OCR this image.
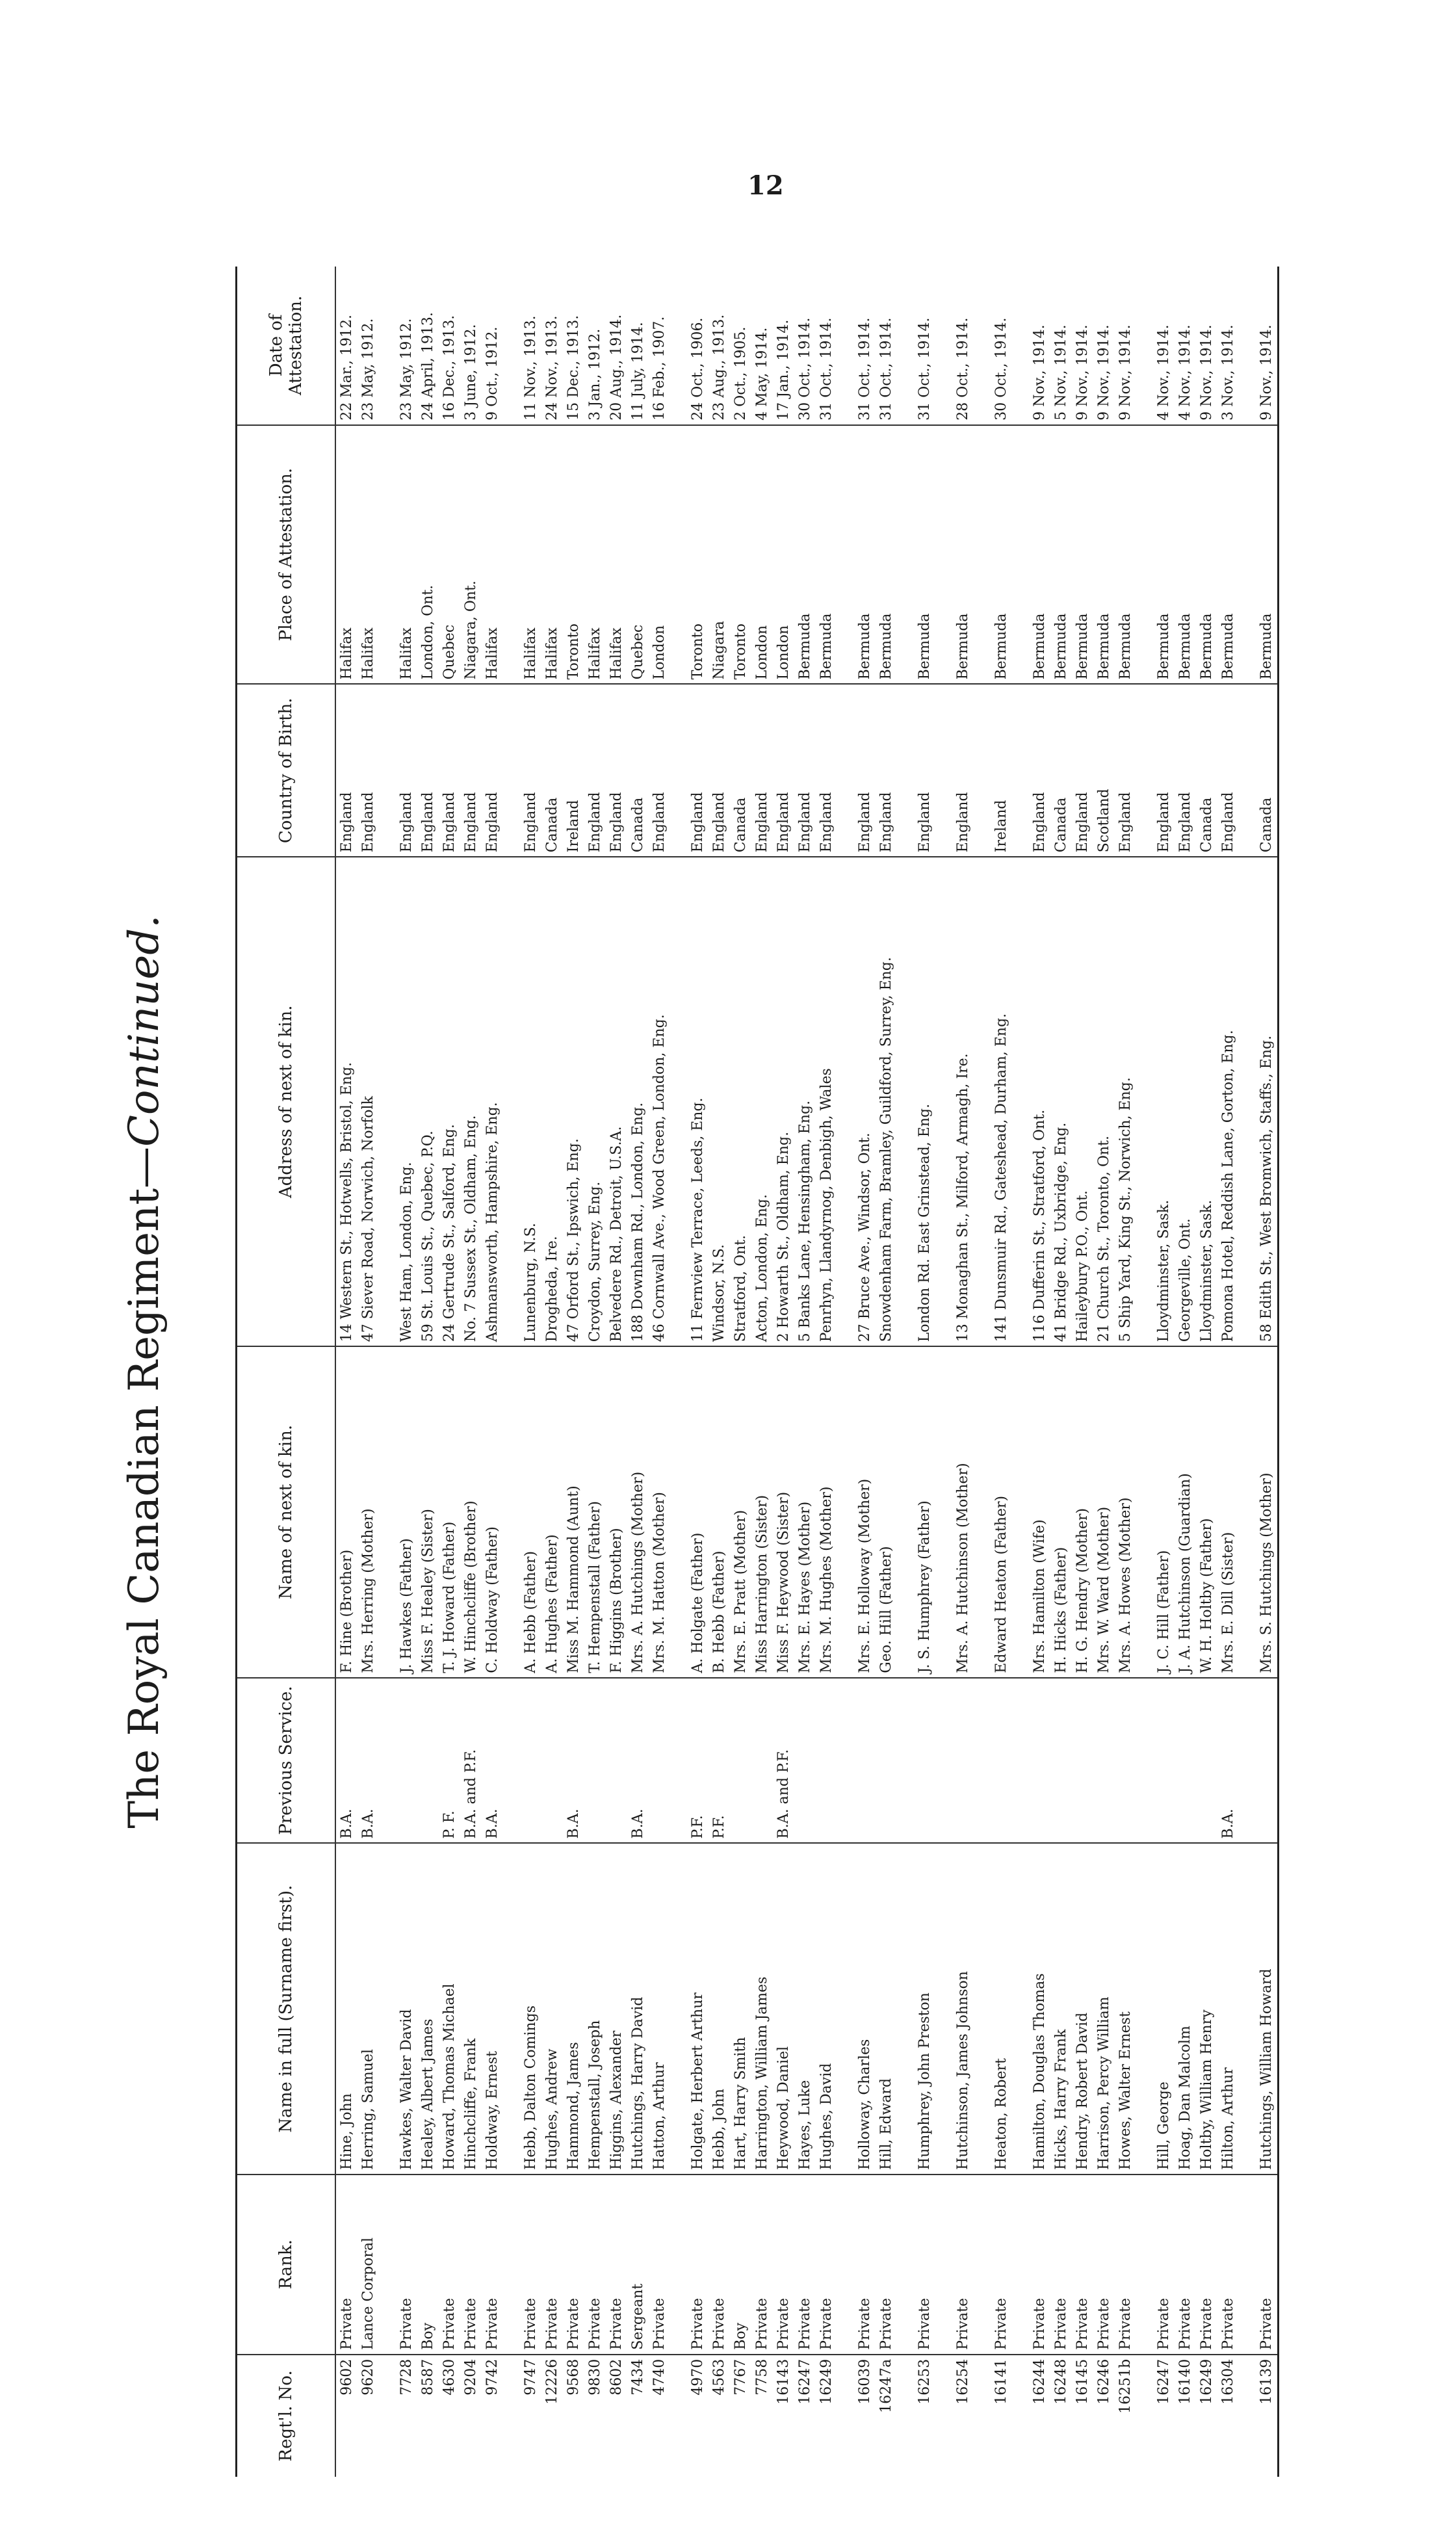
12
The Royal Canadian Regiment—Continued.
Regt'l. No.	Rank.	Name in full (Surname first).	Previous Service.	Name of next of kin.	Address of next of kin.	Country of Birth.	Place of Attestation.	Date of Attestation.
9602	Private	Hine, John	B.A.	F. Hine (Brother)	14 Western St., Hotwells, Bristol, Eng.	England	Halifax	22 Mar., 1912.
9620	Lance Corporal	Herring, Samuel	B.A.	Mrs. Herring (Mother)	47 Siever Road, Norwich, Norfolk	England	Halifax	23 May, 1912.

7728	Private	Hawkes, Walter David		J. Hawkes (Father)	West Ham, London, Eng.	England	Halifax	23 May, 1912.
8587	Boy	Healey, Albert James		Miss F. Healey (Sister)	59 St. Louis St., Quebec, P.Q.	England	London, Ont.	24 April, 1913.
4630	Private	Howard, Thomas Michael	P. F.	T. J. Howard (Father)	24 Gertrude St., Salford, Eng.	England	Quebec	16 Dec., 1913.
9204	Private	Hinchcliffe, Frank	B.A. and P.F.	W. Hinchcliffe (Brother)	No. 7 Sussex St., Oldham, Eng.	England	Niagara, Ont.	3 June, 1912.
9742	Private	Holdway, Ernest	B.A.	C. Holdway (Father)	Ashmansworth, Hampshire, Eng.	England	Halifax	9 Oct., 1912.

9747	Private	Hebb, Dalton Comings		A. Hebb (Father)	Lunenburg, N.S.	England	Halifax	11 Nov., 1913.
12226	Private	Hughes, Andrew		A. Hughes (Father)	Drogheda, Ire.	Canada	Halifax	24 Nov., 1913.
9568	Private	Hammond, James	B.A.	Miss M. Hammond (Aunt)	47 Orford St., Ipswich, Eng.	Ireland	Toronto	15 Dec., 1913.
9830	Private	Hempenstall, Joseph		T. Hempenstall (Father)	Croydon, Surrey, Eng.	England	Halifax	3 Jan., 1912.
8602	Private	Higgins, Alexander		F. Higgins (Brother)	Belvedere Rd., Detroit, U.S.A.	England	Halifax	20 Aug., 1914.
7434	Sergeant	Hutchings, Harry David	B.A.	Mrs. A. Hutchings (Mother)	188 Downham Rd., London, Eng.	Canada	Quebec	11 July, 1914.
4740	Private	Hatton, Arthur		Mrs. M. Hatton (Mother)	46 Cornwall Ave., Wood Green, London, Eng.	England	London	16 Feb., 1907.

4970	Private	Holgate, Herbert Arthur	P.F.	A. Holgate (Father)	11 Fernview Terrace, Leeds, Eng.	England	Toronto	24 Oct., 1906.
4563	Private	Hebb, John	P.F.	B. Hebb (Father)	Windsor, N.S.	England	Niagara	23 Aug., 1913.
7767	Boy	Hart, Harry Smith		Mrs. E. Pratt (Mother)	Stratford, Ont.	Canada	Toronto	2 Oct., 1905.
7758	Private	Harrington, William James		Miss Harrington (Sister)	Acton, London, Eng.	England	London	4 May, 1914.
16143	Private	Heywood, Daniel	B.A. and P.F.	Miss F. Heywood (Sister)	2 Howarth St., Oldham, Eng.	England	London	17 Jan., 1914.
16247	Private	Hayes, Luke		Mrs. E. Hayes (Mother)	5 Banks Lane, Hensingham, Eng.	England	Bermuda	30 Oct., 1914.
16249	Private	Hughes, David		Mrs. M. Hughes (Mother)	Penrhyn, Llandyrnog, Denbigh, Wales	England	Bermuda	31 Oct., 1914.

16039	Private	Holloway, Charles		Mrs. E. Holloway (Mother)	27 Bruce Ave., Windsor, Ont.	England	Bermuda	31 Oct., 1914.
16247a	Private	Hill, Edward		Geo. Hill (Father)	Snowdenham Farm, Bramley, Guildford, Surrey, Eng.	England	Bermuda	31 Oct., 1914.

16253	Private	Humphrey, John Preston		J. S. Humphrey (Father)	London Rd. East Grinstead, Eng.	England	Bermuda	31 Oct., 1914.

16254	Private	Hutchinson, James Johnson		Mrs. A. Hutchinson (Mother)	13 Monaghan St., Milford, Armagh, Ire.	England	Bermuda	28 Oct., 1914.

16141	Private	Heaton, Robert		Edward Heaton (Father)	141 Dunsmuir Rd., Gateshead, Durham, Eng.	Ireland	Bermuda	30 Oct., 1914.

16244	Private	Hamilton, Douglas Thomas		Mrs. Hamilton (Wife)	116 Dufferin St., Stratford, Ont.	England	Bermuda	9 Nov., 1914.
16248	Private	Hicks, Harry Frank		H. Hicks (Father)	41 Bridge Rd., Uxbridge, Eng.	Canada	Bermuda	5 Nov., 1914.
16145	Private	Hendry, Robert David		H. G. Hendry (Mother)	Haileybury P.O., Ont.	England	Bermuda	9 Nov., 1914.
16246	Private	Harrison, Percy William		Mrs. W. Ward (Mother)	21 Church St., Toronto, Ont.	Scotland	Bermuda	9 Nov., 1914.
16251b	Private	Howes, Walter Ernest		Mrs. A. Howes (Mother)	5 Ship Yard, King St., Norwich, Eng.	England	Bermuda	9 Nov., 1914.

16247	Private	Hill, George		J. C. Hill (Father)	Lloydminster, Sask.	England	Bermuda	4 Nov., 1914.
16140	Private	Hoag, Dan Malcolm		J. A. Hutchinson (Guardian)	Georgeville, Ont.	England	Bermuda	4 Nov., 1914.
16249	Private	Holtby, William Henry		W. H. Holtby (Father)	Lloydminster, Sask.	Canada	Bermuda	9 Nov., 1914.
16304	Private	Hilton, Arthur	B.A.	Mrs. E. Dill (Sister)	Pomona Hotel, Reddish Lane, Gorton, Eng.	England	Bermuda	3 Nov., 1914.

16139	Private	Hutchings, William Howard		Mrs. S. Hutchings (Mother)	58 Edith St., West Bromwich, Staffs., Eng.	Canada	Bermuda	9 Nov., 1914.
